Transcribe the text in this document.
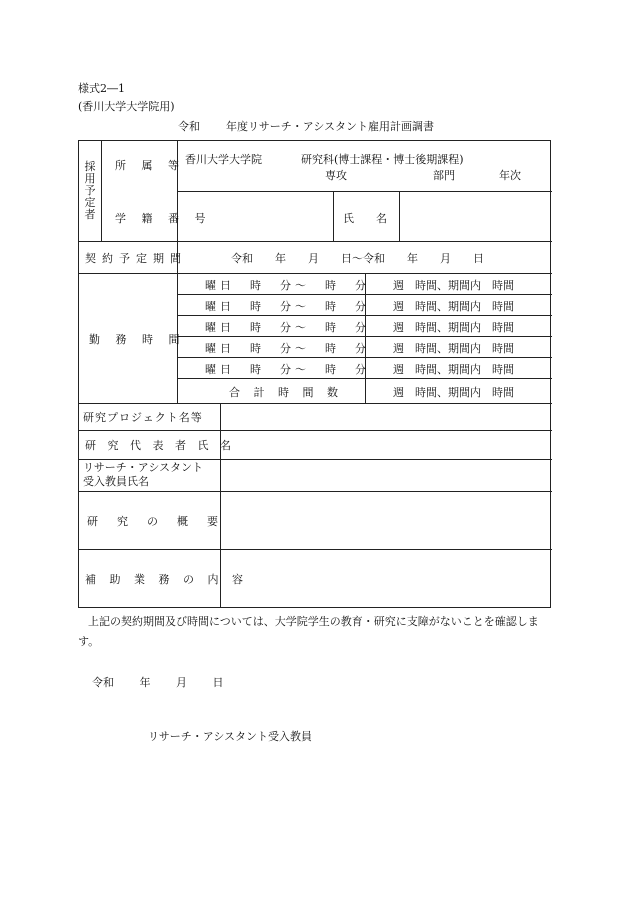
様式2―1
(香川大学大学院用)
令和 年度リサーチ・アシスタント雇用計画調書
採
用
予
定
者
所 属 等 香川大学大学院	研究科(博士課程・博士後期課程)
専攻	部門	年次
学 籍 番 号	氏　　名
契約予定期間	令和　　年　　月　　日～令和　　年　　月　　日
勤 務 時 間
曜日　時　分～　時　分 週　時間、期間内　時間
曜日　時　分～　時　分 週　時間、期間内　時間
曜日　時　分～　時　分 週　時間、期間内　時間
曜日　時　分～　時　分 週　時間、期間内　時間
曜日　時　分～　時　分 週　時間、期間内　時間
合 計 時 間 数	週　時間、期間内　時間
研究プロジェクト名等
研 究 代 表 者 氏 名
リサーチ・アシスタント
受入教員氏名
研　究　の　概　要
補 助 業 務 の 内 容
上記の契約期間及び時間については、大学院学生の教育・研究に支障がないことを確認します。
令和 年 月 日
リサーチ・アシスタント受入教員
